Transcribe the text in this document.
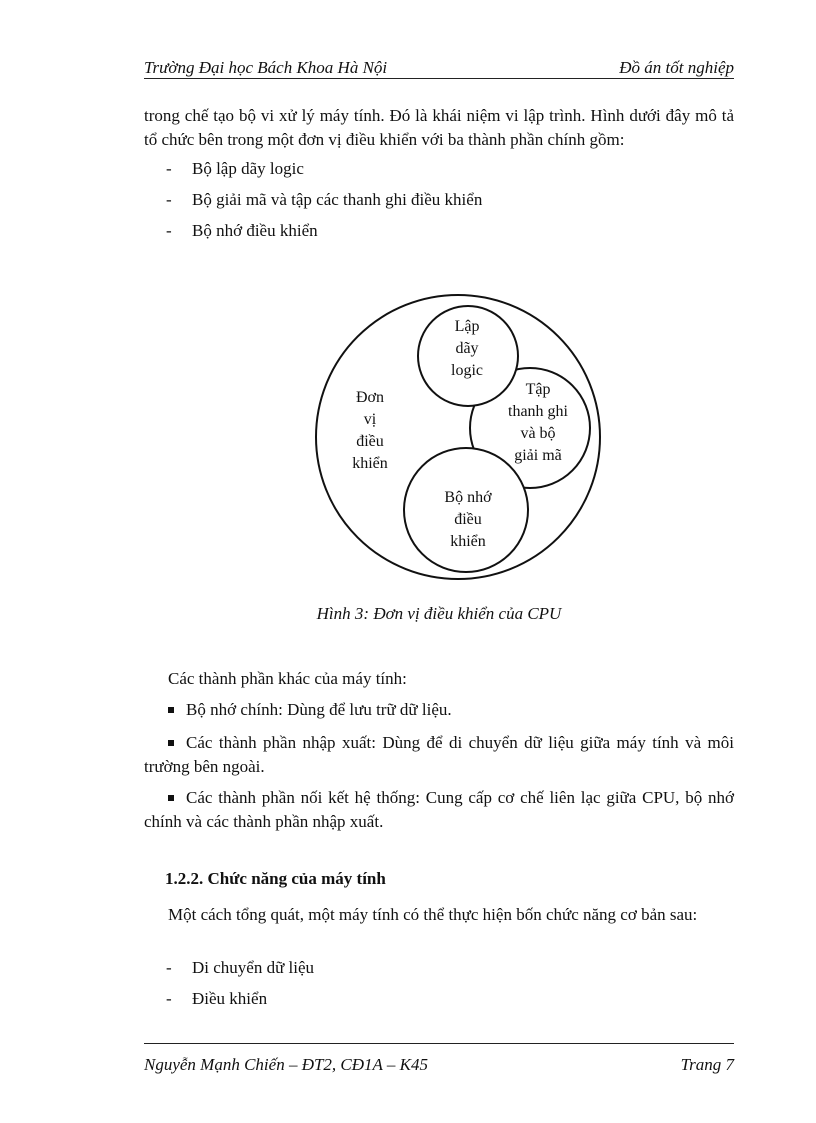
Trường Đại học Bách Khoa Hà Nội	Đồ án tốt nghiệp

trong chế tạo bộ vi xử lý máy tính. Đó là khái niệm vi lập trình. Hình dưới đây mô tả tổ chức bên trong một đơn vị điều khiển với ba thành phần chính gồm:

- Bộ lập dãy logic
- Bộ giải mã và tập các thanh ghi điều khiển
- Bộ nhớ điều khiển
Đơn
vị
điều
khiển
Lập
dãy
logic
Tập
thanh ghi
và bộ
giải mã
Bộ nhớ
điều
khiển
Hình 3: Đơn vị điều khiển của CPU

Các thành phần khác của máy tính:

Bộ nhớ chính: Dùng để lưu trữ dữ liệu.
Các thành phần nhập xuất: Dùng để di chuyển dữ liệu giữa máy tính và môi trường bên ngoài.
Các thành phần nối kết hệ thống: Cung cấp cơ chế liên lạc giữa CPU, bộ nhớ chính và các thành phần nhập xuất.
1.2.2. Chức năng của máy tính

Một cách tổng quát, một máy tính có thể thực hiện bốn chức năng cơ bản sau:

- Di chuyển dữ liệu
- Điều khiển
Nguyễn Mạnh Chiến – ĐT2, CĐ1A – K45	Trang 7
